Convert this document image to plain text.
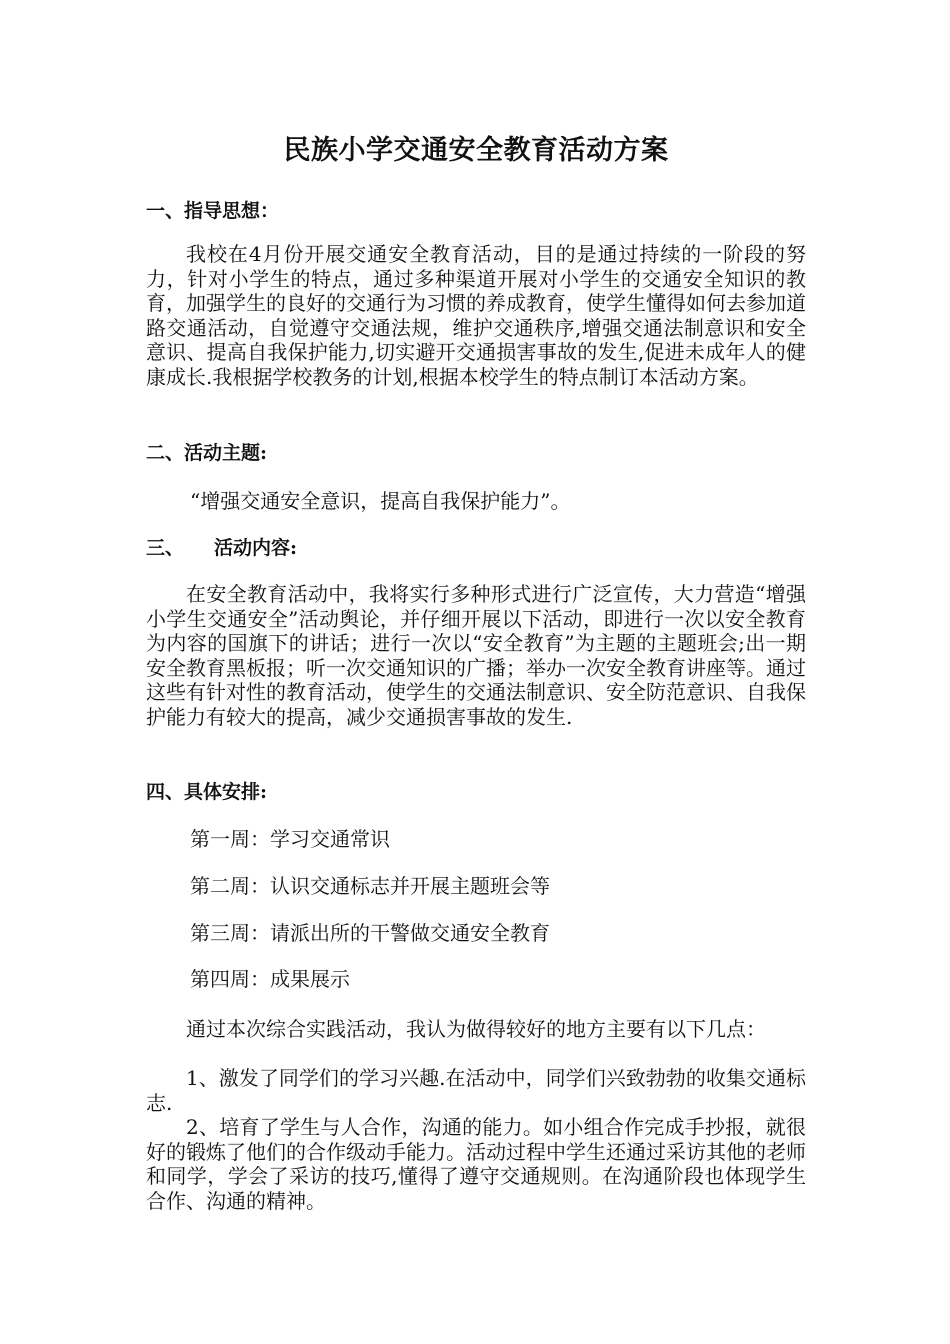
民族小学交通安全教育活动方案
一、指导思想：

我校在4月份开展交通安全教育活动，目的是通过持续的一阶段的努力，针对小学生的特点，通过多种渠道开展对小学生的交通安全知识的教育，加强学生的良好的交通行为习惯的养成教育，使学生懂得如何去参加道路交通活动，自觉遵守交通法规，维护交通秩序,增强交通法制意识和安全意识、提高自我保护能力,切实避开交通损害事故的发生,促进未成年人的健康成长.我根据学校教务的计划,根据本校学生的特点制订本活动方案。

二、活动主题:

“增强交通安全意识，提高自我保护能力”。

三、 活动内容:

在安全教育活动中，我将实行多种形式进行广泛宣传，大力营造“增强小学生交通安全”活动舆论，并仔细开展以下活动，即进行一次以安全教育为内容的国旗下的讲话；进行一次以“安全教育”为主题的主题班会;出一期安全教育黑板报；听一次交通知识的广播；举办一次安全教育讲座等。通过这些有针对性的教育活动，使学生的交通法制意识、安全防范意识、自我保护能力有较大的提高，减少交通损害事故的发生.

四、具体安排:

第一周：学习交通常识

第二周：认识交通标志并开展主题班会等

第三周：请派出所的干警做交通安全教育

第四周：成果展示

通过本次综合实践活动，我认为做得较好的地方主要有以下几点：

1、激发了同学们的学习兴趣.在活动中，同学们兴致勃勃的收集交通标志.

2、培育了学生与人合作，沟通的能力。如小组合作完成手抄报，就很好的锻炼了他们的合作级动手能力。活动过程中学生还通过采访其他的老师和同学，学会了采访的技巧,懂得了遵守交通规则。在沟通阶段也体现学生合作、沟通的精神。
